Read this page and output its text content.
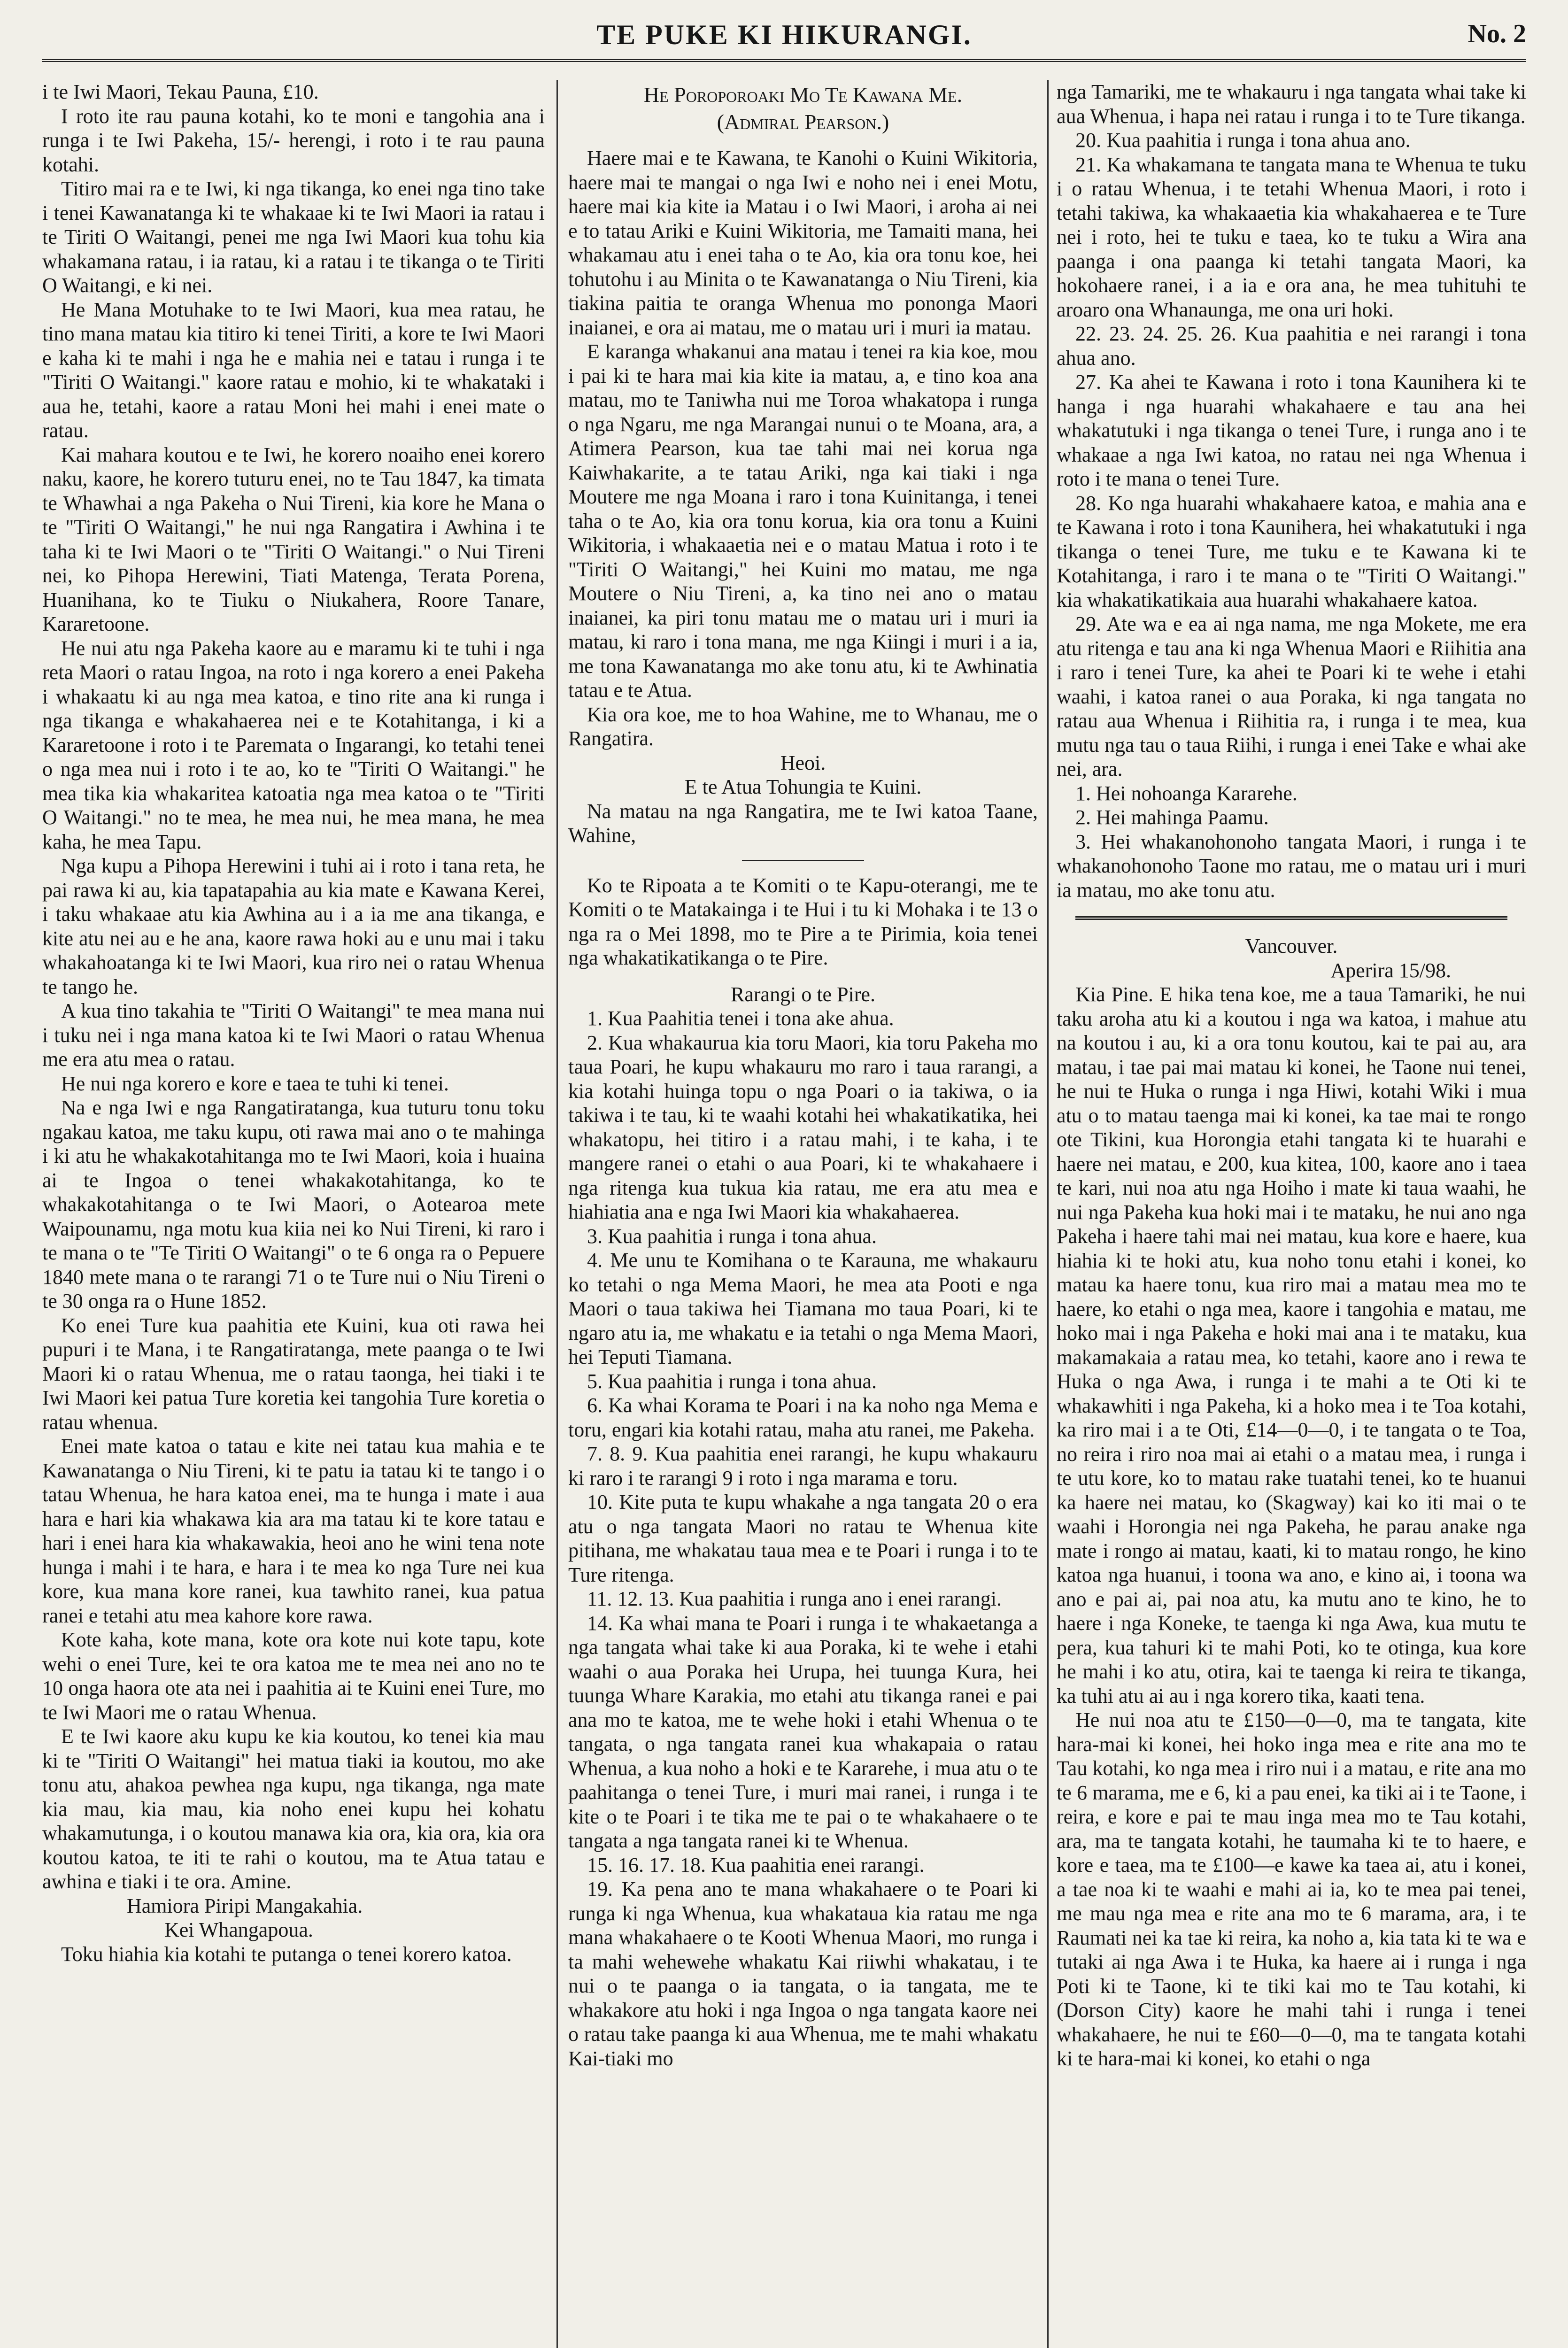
TE PUKE KI HIKURANGI.	No. 2

i te Iwi Maori, Tekau Pauna, £10.

I roto ite rau pauna kotahi, ko te moni e tangohia ana i runga i te Iwi Pakeha, 15/- herengi, i roto i te rau pauna kotahi.

Titiro mai ra e te Iwi, ki nga tikanga, ko enei nga tino take i tenei Kawanatanga ki te whakaae ki te Iwi Maori ia ratau i te Tiriti O Waitangi, penei me nga Iwi Maori kua tohu kia whakamana ratau, i ia ratau, ki a ratau i te tikanga o te Tiriti O Waitangi, e ki nei.

He Mana Motuhake to te Iwi Maori, kua mea ratau, he tino mana matau kia titiro ki tenei Tiriti, a kore te Iwi Maori e kaha ki te mahi i nga he e mahia nei e tatau i runga i te "Tiriti O Waitangi." kaore ratau e mohio, ki te whakataki i aua he, tetahi, kaore a ratau Moni hei mahi i enei mate o ratau.

Kai mahara koutou e te Iwi, he korero noaiho enei korero naku, kaore, he korero tuturu enei, no te Tau 1847, ka timata te Whawhai a nga Pakeha o Nui Tireni, kia kore he Mana o te "Tiriti O Waitangi," he nui nga Rangatira i Awhina i te taha ki te Iwi Maori o te "Tiriti O Waitangi." o Nui Tireni nei, ko Pihopa Herewini, Tiati Matenga, Terata Porena, Huanihana, ko te Tiuku o Niukahera, Roore Tanare, Kararetoone.

He nui atu nga Pakeha kaore au e maramu ki te tuhi i nga reta Maori o ratau Ingoa, na roto i nga korero a enei Pakeha i whakaatu ki au nga mea katoa, e tino rite ana ki runga i nga tikanga e whakahaerea nei e te Kotahitanga, i ki a Kararetoone i roto i te Paremata o Ingarangi, ko tetahi tenei o nga mea nui i roto i te ao, ko te "Tiriti O Waitangi." he mea tika kia whakaritea katoatia nga mea katoa o te "Tiriti O Waitangi." no te mea, he mea nui, he mea mana, he mea kaha, he mea Tapu.

Nga kupu a Pihopa Herewini i tuhi ai i roto i tana reta, he pai rawa ki au, kia tapatapahia au kia mate e Kawana Kerei, i taku whakaae atu kia Awhina au i a ia me ana tikanga, e kite atu nei au e he ana, kaore rawa hoki au e unu mai i taku whakahoatanga ki te Iwi Maori, kua riro nei o ratau Whenua te tango he.

A kua tino takahia te "Tiriti O Waitangi" te mea mana nui i tuku nei i nga mana katoa ki te Iwi Maori o ratau Whenua me era atu mea o ratau.

He nui nga korero e kore e taea te tuhi ki tenei.

Na e nga Iwi e nga Rangatiratanga, kua tuturu tonu toku ngakau katoa, me taku kupu, oti rawa mai ano o te mahinga i ki atu he whakakotahitanga mo te Iwi Maori, koia i huaina ai te Ingoa o tenei whakakotahitanga, ko te whakakotahitanga o te Iwi Maori, o Aotearoa mete Waipounamu, nga motu kua kiia nei ko Nui Tireni, ki raro i te mana o te "Te Tiriti O Waitangi" o te 6 onga ra o Pepuere 1840 mete mana o te rarangi 71 o te Ture nui o Niu Tireni o te 30 onga ra o Hune 1852.

Ko enei Ture kua paahitia ete Kuini, kua oti rawa hei pupuri i te Mana, i te Rangatiratanga, mete paanga o te Iwi Maori ki o ratau Whenua, me o ratau taonga, hei tiaki i te Iwi Maori kei patua Ture koretia kei tangohia Ture koretia o ratau whenua.

Enei mate katoa o tatau e kite nei tatau kua mahia e te Kawanatanga o Niu Tireni, ki te patu ia tatau ki te tango i o tatau Whenua, he hara katoa enei, ma te hunga i mate i aua hara e hari kia whakawa kia ara ma tatau ki te kore tatau e hari i enei hara kia whakawakia, heoi ano he wini tena note hunga i mahi i te hara, e hara i te mea ko nga Ture nei kua kore, kua mana kore ranei, kua tawhito ranei, kua patua ranei e tetahi atu mea kahore kore rawa.

Kote kaha, kote mana, kote ora kote nui kote tapu, kote wehi o enei Ture, kei te ora katoa me te mea nei ano no te 10 onga haora ote ata nei i paahitia ai te Kuini enei Ture, mo te Iwi Maori me o ratau Whenua.

E te Iwi kaore aku kupu ke kia koutou, ko tenei kia mau ki te "Tiriti O Waitangi" hei matua tiaki ia koutou, mo ake tonu atu, ahakoa pewhea nga kupu, nga tikanga, nga mate kia mau, kia mau, kia noho enei kupu hei kohatu whakamutunga, i o koutou manawa kia ora, kia ora, kia ora koutou katoa, te iti te rahi o koutou, ma te Atua tatau e awhina e tiaki i te ora. Amine.

Hamiora Piripi Mangakahia.

Kei Whangapoua.

Toku hiahia kia kotahi te putanga o tenei korero katoa.

He Poroporoaki Mo Te Kawana Me.

(Admiral Pearson.)

Haere mai e te Kawana, te Kanohi o Kuini Wikitoria, haere mai te mangai o nga Iwi e noho nei i enei Motu, haere mai kia kite ia Matau i o Iwi Maori, i aroha ai nei e to tatau Ariki e Kuini Wikitoria, me Tamaiti mana, hei whakamau atu i enei taha o te Ao, kia ora tonu koe, hei tohutohu i au Minita o te Kawanatanga o Niu Tireni, kia tiakina paitia te oranga Whenua mo pononga Maori inaianei, e ora ai matau, me o matau uri i muri ia matau.

E karanga whakanui ana matau i tenei ra kia koe, mou i pai ki te hara mai kia kite ia matau, a, e tino koa ana matau, mo te Taniwha nui me Toroa whakatopa i runga o nga Ngaru, me nga Marangai nunui o te Moana, ara, a Atimera Pearson, kua tae tahi mai nei korua nga Kaiwhakarite, a te tatau Ariki, nga kai tiaki i nga Moutere me nga Moana i raro i tona Kuinitanga, i tenei taha o te Ao, kia ora tonu korua, kia ora tonu a Kuini Wikitoria, i whakaaetia nei e o matau Matua i roto i te "Tiriti O Waitangi," hei Kuini mo matau, me nga Moutere o Niu Tireni, a, ka tino nei ano o matau inaianei, ka piri tonu matau me o matau uri i muri ia matau, ki raro i tona mana, me nga Kiingi i muri i a ia, me tona Kawanatanga mo ake tonu atu, ki te Awhinatia tatau e te Atua.

Kia ora koe, me to hoa Wahine, me to Whanau, me o Rangatira.

Heoi.

E te Atua Tohungia te Kuini.

Na matau na nga Rangatira, me te Iwi katoa Taane, Wahine,

Ko te Ripoata a te Komiti o te Kapu-oterangi, me te Komiti o te Matakainga i te Hui i tu ki Mohaka i te 13 o nga ra o Mei 1898, mo te Pire a te Pirimia, koia tenei nga whakatikatikanga o te Pire.

Rarangi o te Pire.

1. Kua Paahitia tenei i tona ake ahua.

2. Kua whakaurua kia toru Maori, kia toru Pakeha mo taua Poari, he kupu whakauru mo raro i taua rarangi, a kia kotahi huinga topu o nga Poari o ia takiwa, o ia takiwa i te tau, ki te waahi kotahi hei whakatikatika, hei whakatopu, hei titiro i a ratau mahi, i te kaha, i te mangere ranei o etahi o aua Poari, ki te whakahaere i nga ritenga kua tukua kia ratau, me era atu mea e hiahiatia ana e nga Iwi Maori kia whakahaerea.

3. Kua paahitia i runga i tona ahua.

4. Me unu te Komihana o te Karauna, me whakauru ko tetahi o nga Mema Maori, he mea ata Pooti e nga Maori o taua takiwa hei Tiamana mo taua Poari, ki te ngaro atu ia, me whakatu e ia tetahi o nga Mema Maori, hei Teputi Tiamana.

5. Kua paahitia i runga i tona ahua.

6. Ka whai Korama te Poari i na ka noho nga Mema e toru, engari kia kotahi ratau, maha atu ranei, me Pakeha.

7. 8. 9. Kua paahitia enei rarangi, he kupu whakauru ki raro i te rarangi 9 i roto i nga marama e toru.

10. Kite puta te kupu whakahe a nga tangata 20 o era atu o nga tangata Maori no ratau te Whenua kite pitihana, me whakatau taua mea e te Poari i runga i to te Ture ritenga.

11. 12. 13. Kua paahitia i runga ano i enei rarangi.

14. Ka whai mana te Poari i runga i te whakaetanga a nga tangata whai take ki aua Poraka, ki te wehe i etahi waahi o aua Poraka hei Urupa, hei tuunga Kura, hei tuunga Whare Karakia, mo etahi atu tikanga ranei e pai ana mo te katoa, me te wehe hoki i etahi Whenua o te tangata, o nga tangata ranei kua whakapaia o ratau Whenua, a kua noho a hoki e te Kararehe, i mua atu o te paahitanga o tenei Ture, i muri mai ranei, i runga i te kite o te Poari i te tika me te pai o te whakahaere o te tangata a nga tangata ranei ki te Whenua.

15. 16. 17. 18. Kua paahitia enei rarangi.

19. Ka pena ano te mana whakahaere o te Poari ki runga ki nga Whenua, kua whakataua kia ratau me nga mana whakahaere o te Kooti Whenua Maori, mo runga i ta mahi wehewehe whakatu Kai riiwhi whakatau, i te nui o te paanga o ia tangata, o ia tangata, me te whakakore atu hoki i nga Ingoa o nga tangata kaore nei o ratau take paanga ki aua Whenua, me te mahi whakatu Kai-tiaki mo

nga Tamariki, me te whakauru i nga tangata whai take ki aua Whenua, i hapa nei ratau i runga i to te Ture tikanga.

20. Kua paahitia i runga i tona ahua ano.

21. Ka whakamana te tangata mana te Whenua te tuku i o ratau Whenua, i te tetahi Whenua Maori, i roto i tetahi takiwa, ka whakaaetia kia whakahaerea e te Ture nei i roto, hei te tuku e taea, ko te tuku a Wira ana paanga i ona paanga ki tetahi tangata Maori, ka hokohaere ranei, i a ia e ora ana, he mea tuhituhi te aroaro ona Whanaunga, me ona uri hoki.

22. 23. 24. 25. 26. Kua paahitia e nei rarangi i tona ahua ano.

27. Ka ahei te Kawana i roto i tona Kaunihera ki te hanga i nga huarahi whakahaere e tau ana hei whakatutuki i nga tikanga o tenei Ture, i runga ano i te whakaae a nga Iwi katoa, no ratau nei nga Whenua i roto i te mana o tenei Ture.

28. Ko nga huarahi whakahaere katoa, e mahia ana e te Kawana i roto i tona Kaunihera, hei whakatutuki i nga tikanga o tenei Ture, me tuku e te Kawana ki te Kotahitanga, i raro i te mana o te "Tiriti O Waitangi." kia whakatikatikaia aua huarahi whakahaere katoa.

29. Ate wa e ea ai nga nama, me nga Mokete, me era atu ritenga e tau ana ki nga Whenua Maori e Riihitia ana i raro i tenei Ture, ka ahei te Poari ki te wehe i etahi waahi, i katoa ranei o aua Poraka, ki nga tangata no ratau aua Whenua i Riihitia ra, i runga i te mea, kua mutu nga tau o taua Riihi, i runga i enei Take e whai ake nei, ara.

1. Hei nohoanga Kararehe.

2. Hei mahinga Paamu.

3. Hei whakanohonoho tangata Maori, i runga i te whakanohonoho Taone mo ratau, me o matau uri i muri ia matau, mo ake tonu atu.

Vancouver.

Aperira 15/98.

Kia Pine. E hika tena koe, me a taua Tamariki, he nui taku aroha atu ki a koutou i nga wa katoa, i mahue atu na koutou i au, ki a ora tonu koutou, kai te pai au, ara matau, i tae pai mai matau ki konei, he Taone nui tenei, he nui te Huka o runga i nga Hiwi, kotahi Wiki i mua atu o to matau taenga mai ki konei, ka tae mai te rongo ote Tikini, kua Horongia etahi tangata ki te huarahi e haere nei matau, e 200, kua kitea, 100, kaore ano i taea te kari, nui noa atu nga Hoiho i mate ki taua waahi, he nui nga Pakeha kua hoki mai i te mataku, he nui ano nga Pakeha i haere tahi mai nei matau, kua kore e haere, kua hiahia ki te hoki atu, kua noho tonu etahi i konei, ko matau ka haere tonu, kua riro mai a matau mea mo te haere, ko etahi o nga mea, kaore i tangohia e matau, me hoko mai i nga Pakeha e hoki mai ana i te mataku, kua makamakaia a ratau mea, ko tetahi, kaore ano i rewa te Huka o nga Awa, i runga i te mahi a te Oti ki te whakawhiti i nga Pakeha, ki a hoko mea i te Toa kotahi, ka riro mai i a te Oti, £14—0—0, i te tangata o te Toa, no reira i riro noa mai ai etahi o a matau mea, i runga i te utu kore, ko to matau rake tuatahi tenei, ko te huanui ka haere nei matau, ko (Skagway) kai ko iti mai o te waahi i Horongia nei nga Pakeha, he parau anake nga mate i rongo ai matau, kaati, ki to matau rongo, he kino katoa nga huanui, i toona wa ano, e kino ai, i toona wa ano e pai ai, pai noa atu, ka mutu ano te kino, he to haere i nga Koneke, te taenga ki nga Awa, kua mutu te pera, kua tahuri ki te mahi Poti, ko te otinga, kua kore he mahi i ko atu, otira, kai te taenga ki reira te tikanga, ka tuhi atu ai au i nga korero tika, kaati tena.

He nui noa atu te £150—0—0, ma te tangata, kite hara-mai ki konei, hei hoko inga mea e rite ana mo te Tau kotahi, ko nga mea i riro nui i a matau, e rite ana mo te 6 marama, me e 6, ki a pau enei, ka tiki ai i te Taone, i reira, e kore e pai te mau inga mea mo te Tau kotahi, ara, ma te tangata kotahi, he taumaha ki te to haere, e kore e taea, ma te £100—e kawe ka taea ai, atu i konei, a tae noa ki te waahi e mahi ai ia, ko te mea pai tenei, me mau nga mea e rite ana mo te 6 marama, ara, i te Raumati nei ka tae ki reira, ka noho a, kia tata ki te wa e tutaki ai nga Awa i te Huka, ka haere ai i runga i nga Poti ki te Taone, ki te tiki kai mo te Tau kotahi, ki (Dorson City) kaore he mahi tahi i runga i tenei whakahaere, he nui te £60—0—0, ma te tangata kotahi ki te hara-mai ki konei, ko etahi o nga
